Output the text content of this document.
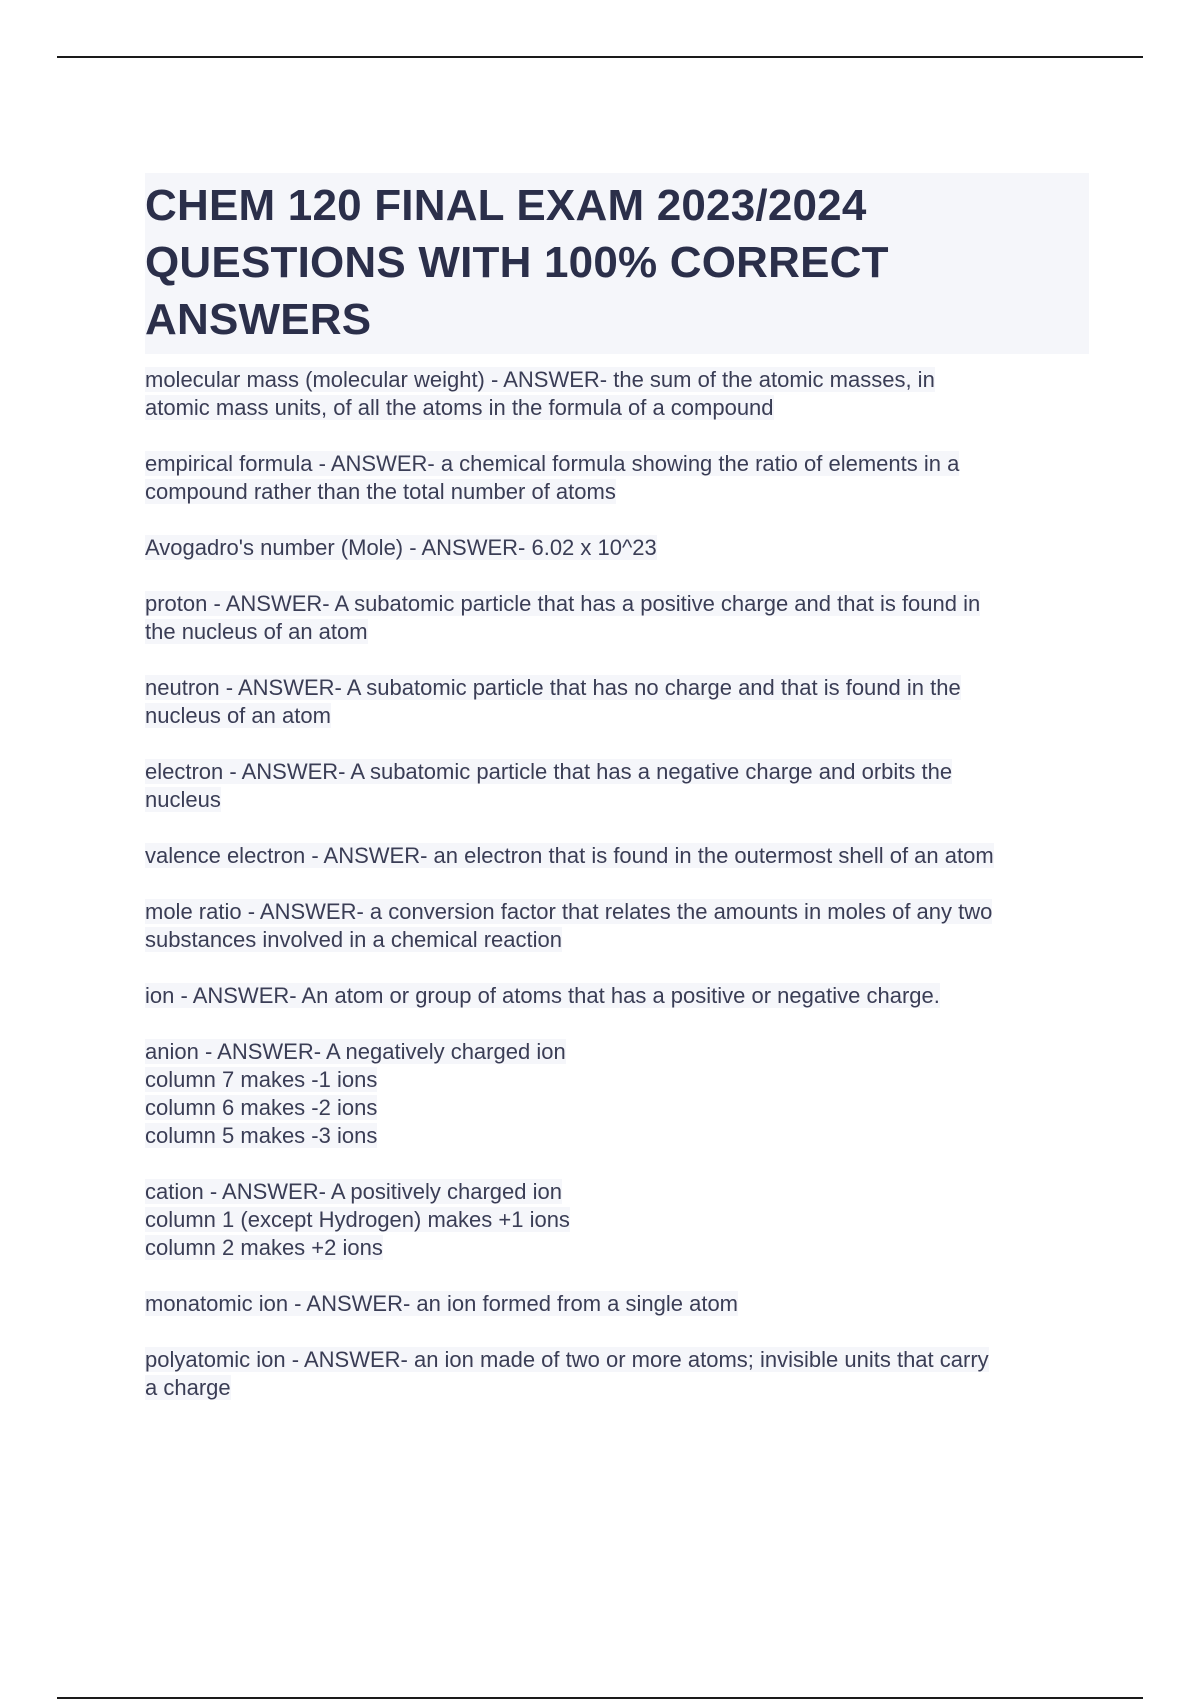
CHEM 120 FINAL EXAM 2023/2024
QUESTIONS WITH 100% CORRECT
ANSWERS
molecular mass (molecular weight) - ANSWER- the sum of the atomic masses, in
atomic mass units, of all the atoms in the formula of a compound
empirical formula - ANSWER- a chemical formula showing the ratio of elements in a
compound rather than the total number of atoms
Avogadro's number (Mole) - ANSWER- 6.02 x 10^23
proton - ANSWER- A subatomic particle that has a positive charge and that is found in
the nucleus of an atom
neutron - ANSWER- A subatomic particle that has no charge and that is found in the
nucleus of an atom
electron - ANSWER- A subatomic particle that has a negative charge and orbits the
nucleus
valence electron - ANSWER- an electron that is found in the outermost shell of an atom
mole ratio - ANSWER- a conversion factor that relates the amounts in moles of any two
substances involved in a chemical reaction
ion - ANSWER- An atom or group of atoms that has a positive or negative charge.
anion - ANSWER- A negatively charged ion
column 7 makes -1 ions
column 6 makes -2 ions
column 5 makes -3 ions
cation - ANSWER- A positively charged ion
column 1 (except Hydrogen) makes +1 ions
column 2 makes +2 ions
monatomic ion - ANSWER- an ion formed from a single atom
polyatomic ion - ANSWER- an ion made of two or more atoms; invisible units that carry
a charge
